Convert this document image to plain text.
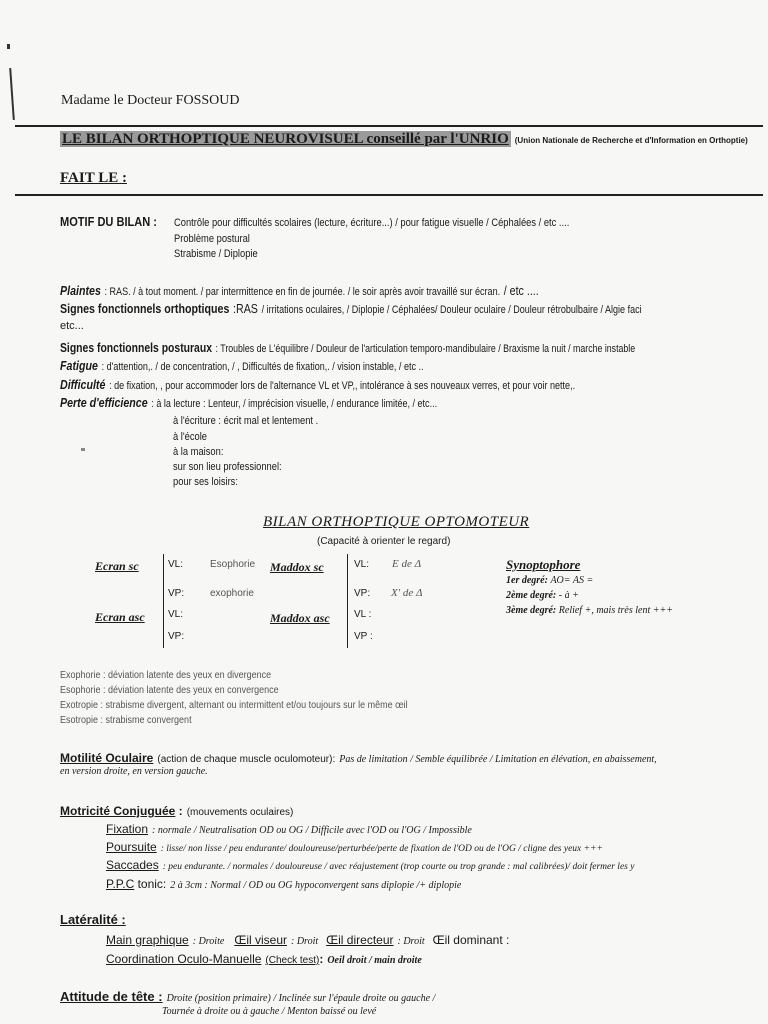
Madame le Docteur FOSSOUD
LE BILAN ORTHOPTIQUE NEUROVISUEL conseillé par l'UNRIO (Union Nationale de Recherche et d'Information en Orthoptie)
FAIT LE :
MOTIF DU BILAN : Contrôle pour difficultés scolaires (lecture, écriture...) / pour fatigue visuelle / Céphalées / etc ....
Problème postural
Strabisme / Diplopie
Plaintes : RAS. / à tout moment. / par intermittence en fin de journée. / le soir après avoir travaillé sur écran. / etc ....
Signes fonctionnels orthoptiques :RAS / irritations oculaires, / Diplopie / Céphalées/ Douleur oculaire / Douleur rétrobulbaire / Algie faci
etc...
Signes fonctionnels posturaux : Troubles de L'équilibre / Douleur de l'articulation temporo-mandibulaire / Braxisme la nuit / marche instable
Fatigue : d'attention,. / de concentration, / , Difficultés de fixation,. / vision instable, / etc ..
Difficulté : de fixation, , pour accommoder lors de l'alternance VL et VP,, intolérance à ses nouveaux verres, et pour voir nette,.
Perte d'efficience : à la lecture : Lenteur, / imprécision visuelle, / endurance limitée, / etc...
à l'écriture : écrit mal et lentement .
à l'école
à la maison:
sur son lieu professionnel:
pour ses loisirs:
BILAN ORTHOPTIQUE OPTOMOTEUR
(Capacité à orienter le regard)
Ecran sc
Ecran asc
VL:	Esophorie
VP:	exophorie
VL:
VP:
Maddox sc
Maddox asc
VL: E de Δ
VP: X' de Δ
VL :
VP :
Synoptophore
1er degré: AO= AS =
2ème degré: - à +
3ème degré: Relief +, mais très lent +++
Exophorie : déviation latente des yeux en divergence
Esophorie : déviation latente des yeux en convergence
Exotropie : strabisme divergent, alternant ou intermittent et/ou toujours sur le même œil
Esotropie : strabisme convergent
Motilité Oculaire (action de chaque muscle oculomoteur): Pas de limitation / Semble équilibrée / Limitation en élévation, en abaissement,
en version droite, en version gauche.
Motricité Conjuguée : (mouvements oculaires)
Fixation : normale / Neutralisation OD ou OG / Difficile avec l'OD ou l'OG / Impossible
Poursuite : lisse/ non lisse / peu endurante/ douloureuse/perturbée/perte de fixation de l'OD ou de l'OG / cligne des yeux +++
Saccades : peu endurante. / normales / douloureuse / avec réajustement (trop courte ou trop grande : mal calibrées)/ doit fermer les y
P.P.C tonic: 2 à 3cm : Normal / OD ou OG hypoconvergent sans diplopie /+ diplopie
Latéralité :
Main graphique : Droite Œil viseur : Droit Œil directeur : Droit Œil dominant :
Coordination Oculo-Manuelle (Check test): Oeil droit / main droite
Attitude de tête : Droite (position primaire) / Inclinée sur l'épaule droite ou gauche /
Tournée à droite ou à gauche / Menton baissé ou levé
